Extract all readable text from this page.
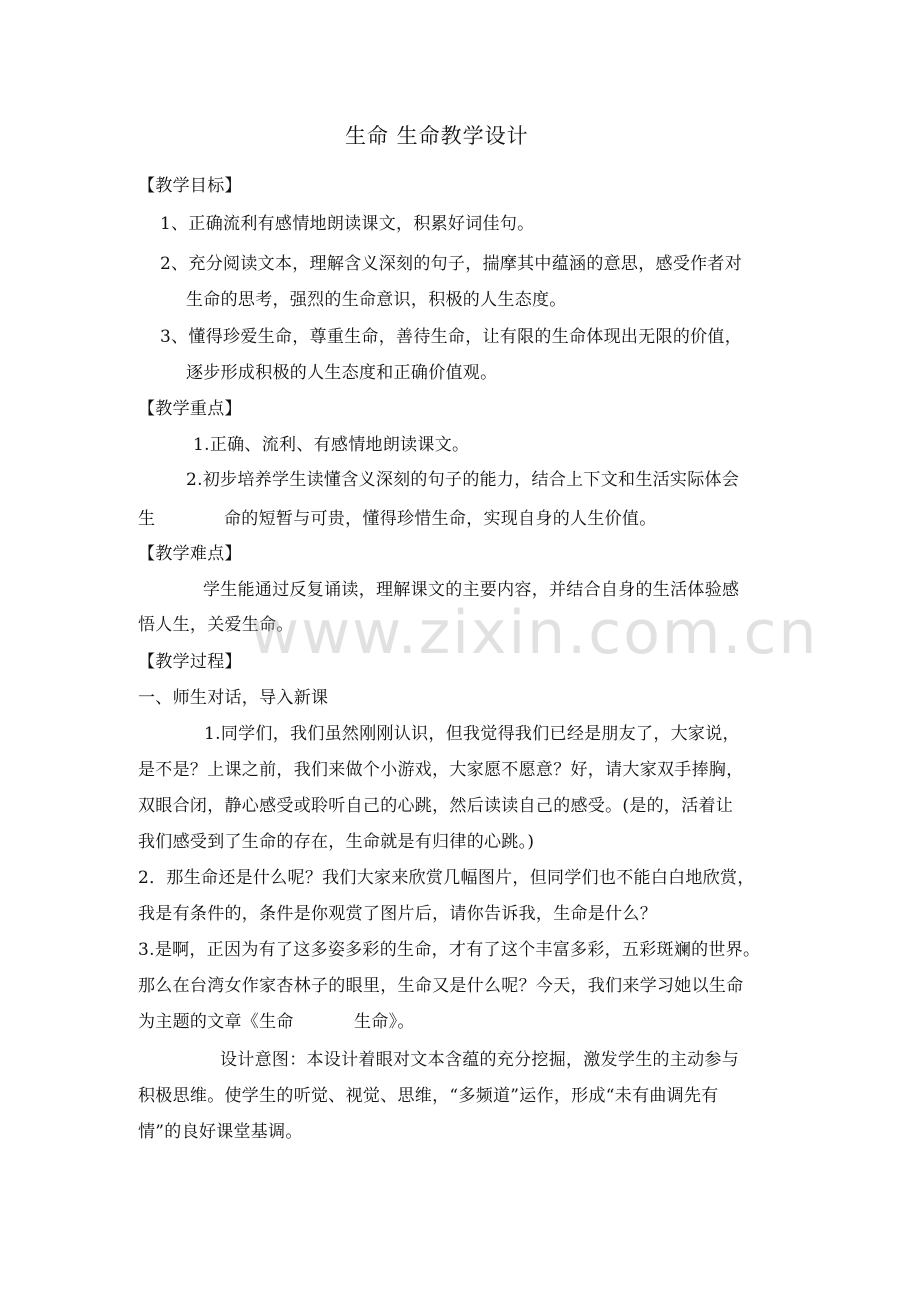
生命 生命教学设计
【教学目标】
1、正确流利有感情地朗读课文，积累好词佳句。
2、充分阅读文本，理解含义深刻的句子，揣摩其中蕴涵的意思，感受作者对
生命的思考，强烈的生命意识，积极的人生态度。
3、懂得珍爱生命，尊重生命，善待生命，让有限的生命体现出无限的价值，
逐步形成积极的人生态度和正确价值观。
【教学重点】
1.正确、流利、有感情地朗读课文。
2.初步培养学生读懂含义深刻的句子的能力，结合上下文和生活实际体会
生	命的短暂与可贵，懂得珍惜生命，实现自身的人生价值。
【教学难点】
学生能通过反复诵读，理解课文的主要内容，并结合自身的生活体验感
悟人生，关爱生命。
【教学过程】
一、师生对话，导入新课
1.同学们，我们虽然刚刚认识，但我觉得我们已经是朋友了，大家说，
是不是？上课之前，我们来做个小游戏，大家愿不愿意？好，请大家双手捧胸，
双眼合闭，静心感受或聆听自己的心跳，然后读读自己的感受。(是的，活着让
我们感受到了生命的存在，生命就是有归律的心跳。)
2．那生命还是什么呢？我们大家来欣赏几幅图片，但同学们也不能白白地欣赏，
我是有条件的，条件是你观赏了图片后，请你告诉我，生命是什么？
3.是啊，正因为有了这多姿多彩的生命，才有了这个丰富多彩，五彩斑斓的世界。
那么在台湾女作家杏林子的眼里，生命又是什么呢？今天，我们来学习她以生命
为主题的文章《生命	生命》。
设计意图：本设计着眼对文本含蕴的充分挖掘，激发学生的主动参与
积极思维。使学生的听觉、视觉、思维，“多频道”运作，形成“未有曲调先有
情”的良好课堂基调。
www.zixin.com.cn
